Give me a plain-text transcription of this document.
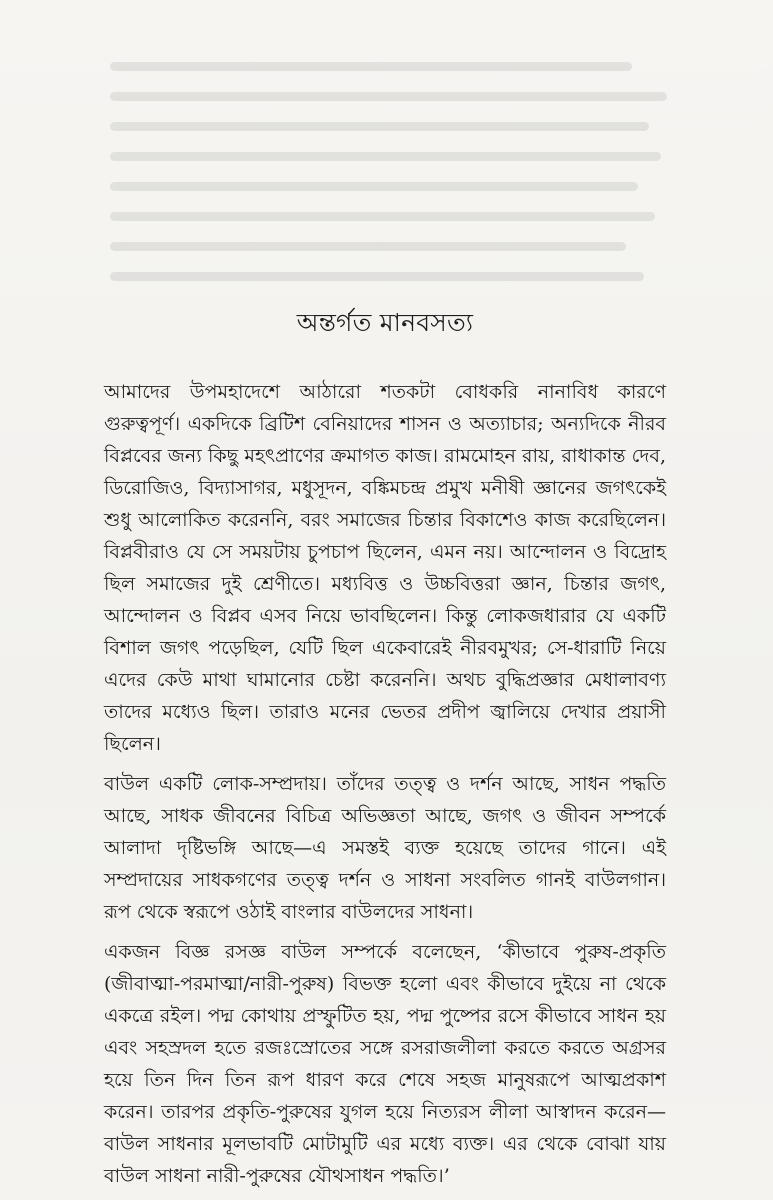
অন্তর্গত মানবসত্য

আমাদের উপমহাদেশে আঠারো শতকটা বোধকরি নানাবিধ কারণে গুরুত্বপূর্ণ। একদিকে ব্রিটিশ বেনিয়াদের শাসন ও অত্যাচার; অন্যদিকে নীরব বিপ্লবের জন্য কিছু মহৎপ্রাণের ক্রমাগত কাজ। রামমোহন রায়, রাধাকান্ত দেব, ডিরোজিও, বিদ্যাসাগর, মধুসূদন, বঙ্কিমচন্দ্র প্রমুখ মনীষী জ্ঞানের জগৎকেই শুধু আলোকিত করেননি, বরং সমাজের চিন্তার বিকাশেও কাজ করেছিলেন। বিপ্লবীরাও যে সে সময়টায় চুপচাপ ছিলেন, এমন নয়। আন্দোলন ও বিদ্রোহ ছিল সমাজের দুই শ্রেণীতে। মধ্যবিত্ত ও উচ্চবিত্তরা জ্ঞান, চিন্তার জগৎ, আন্দোলন ও বিপ্লব এসব নিয়ে ভাবছিলেন। কিন্তু লোকজধারার যে একটি বিশাল জগৎ পড়েছিল, যেটি ছিল একেবারেই নীরবমুখর; সে-ধারাটি নিয়ে এদের কেউ মাথা ঘামানোর চেষ্টা করেননি। অথচ বুদ্ধিপ্রজ্ঞার মেধালাবণ্য তাদের মধ্যেও ছিল। তারাও মনের ভেতর প্রদীপ জ্বালিয়ে দেখার প্রয়াসী ছিলেন।

বাউল একটি লোক-সম্প্রদায়। তাঁদের তত্ত্ব ও দর্শন আছে, সাধন পদ্ধতি আছে, সাধক জীবনের বিচিত্র অভিজ্ঞতা আছে, জগৎ ও জীবন সম্পর্কে আলাদা দৃষ্টিভঙ্গি আছে—এ সমস্তই ব্যক্ত হয়েছে তাদের গানে। এই সম্প্রদায়ের সাধকগণের তত্ত্ব দর্শন ও সাধনা সংবলিত গানই বাউলগান। রূপ থেকে স্বরূপে ওঠাই বাংলার বাউলদের সাধনা।

একজন বিজ্ঞ রসজ্ঞ বাউল সম্পর্কে বলেছেন, ‘কীভাবে পুরুষ-প্রকৃতি (জীবাত্মা-পরমাত্মা/নারী-পুরুষ) বিভক্ত হলো এবং কীভাবে দুইয়ে না থেকে একত্রে রইল। পদ্ম কোথায় প্রস্ফুটিত হয়, পদ্ম পুষ্পের রসে কীভাবে সাধন হয় এবং সহস্রদল হতে রজঃস্রোতের সঙ্গে রসরাজলীলা করতে করতে অগ্রসর হয়ে তিন দিন তিন রূপ ধারণ করে শেষে সহজ মানুষরূপে আত্মপ্রকাশ করেন। তারপর প্রকৃতি-পুরুষের যুগল হয়ে নিত্যরস লীলা আস্বাদন করেন—বাউল সাধনার মূলভাবটি মোটামুটি এর মধ্যে ব্যক্ত। এর থেকে বোঝা যায় বাউল সাধনা নারী-পুরুষের যৌথসাধন পদ্ধতি।’
